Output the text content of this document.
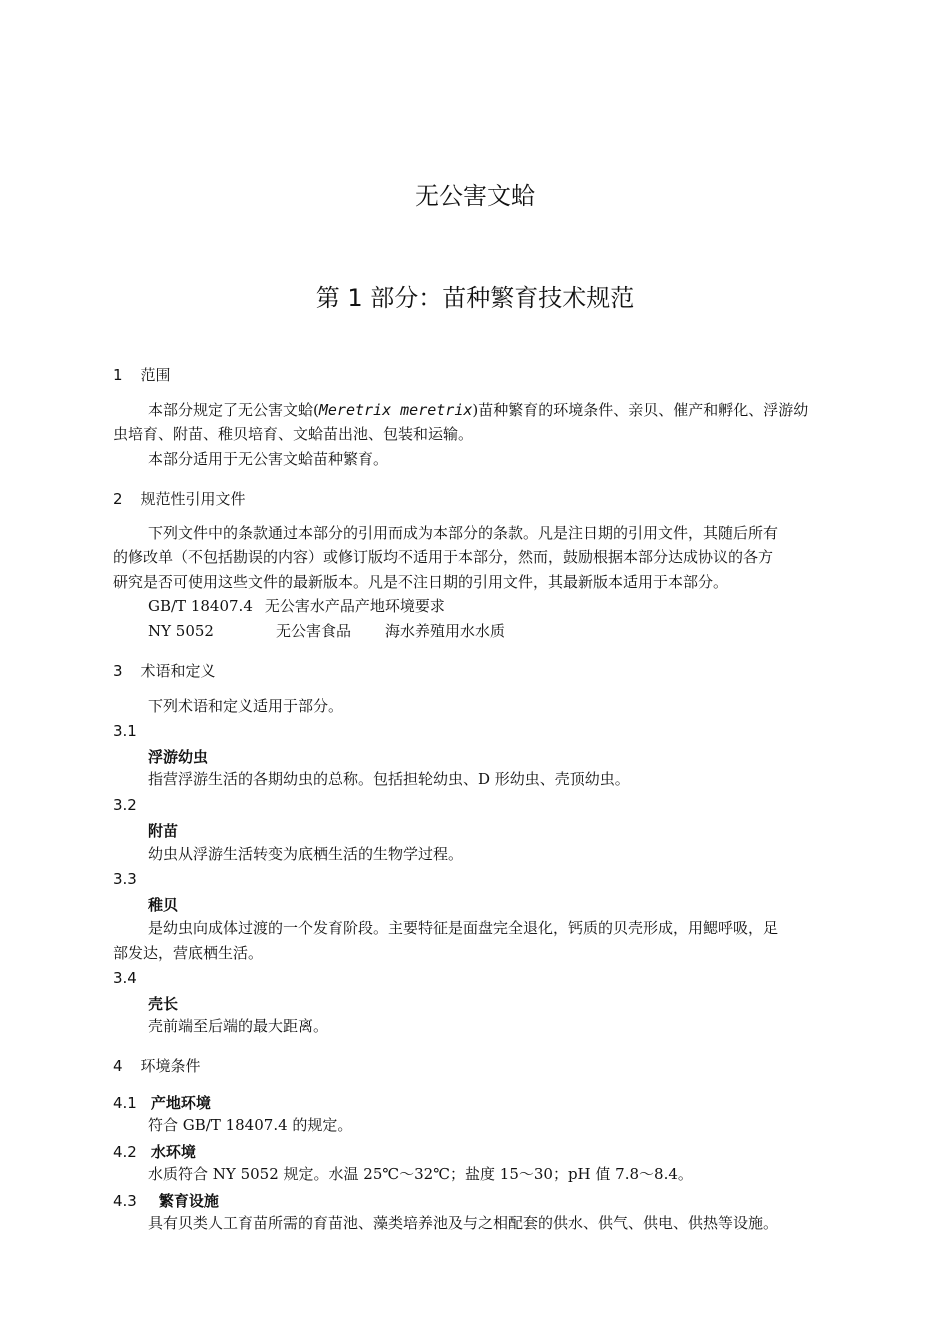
无公害文蛤
第 1 部分：苗种繁育技术规范
1 范围
本部分规定了无公害文蛤(Meretrix meretrix)苗种繁育的环境条件、亲贝、催产和孵化、浮游幼
虫培育、附苗、稚贝培育、文蛤苗出池、包装和运输。
本部分适用于无公害文蛤苗种繁育。
2 规范性引用文件
下列文件中的条款通过本部分的引用而成为本部分的条款。凡是注日期的引用文件，其随后所有
的修改单（不包括勘误的内容）或修订版均不适用于本部分，然而，鼓励根据本部分达成协议的各方
研究是否可使用这些文件的最新版本。凡是不注日期的引用文件，其最新版本适用于本部分。
GB/T 18407.4 无公害水产品产地环境要求
NY 5052	无公害食品 海水养殖用水水质
3 术语和定义
下列术语和定义适用于部分。
3.1
浮游幼虫
指营浮游生活的各期幼虫的总称。包括担轮幼虫、D 形幼虫、壳顶幼虫。
3.2
附苗
幼虫从浮游生活转变为底栖生活的生物学过程。
3.3
稚贝
是幼虫向成体过渡的一个发育阶段。主要特征是面盘完全退化，钙质的贝壳形成，用鳃呼吸，足
部发达，营底栖生活。
3.4
壳长
壳前端至后端的最大距离。
4 环境条件
4.1 产地环境
符合 GB/T 18407.4 的规定。
4.2 水环境
水质符合 NY 5052 规定。水温 25℃～32℃；盐度 15～30；pH 值 7.8～8.4。
4.3 繁育设施
具有贝类人工育苗所需的育苗池、藻类培养池及与之相配套的供水、供气、供电、供热等设施。
